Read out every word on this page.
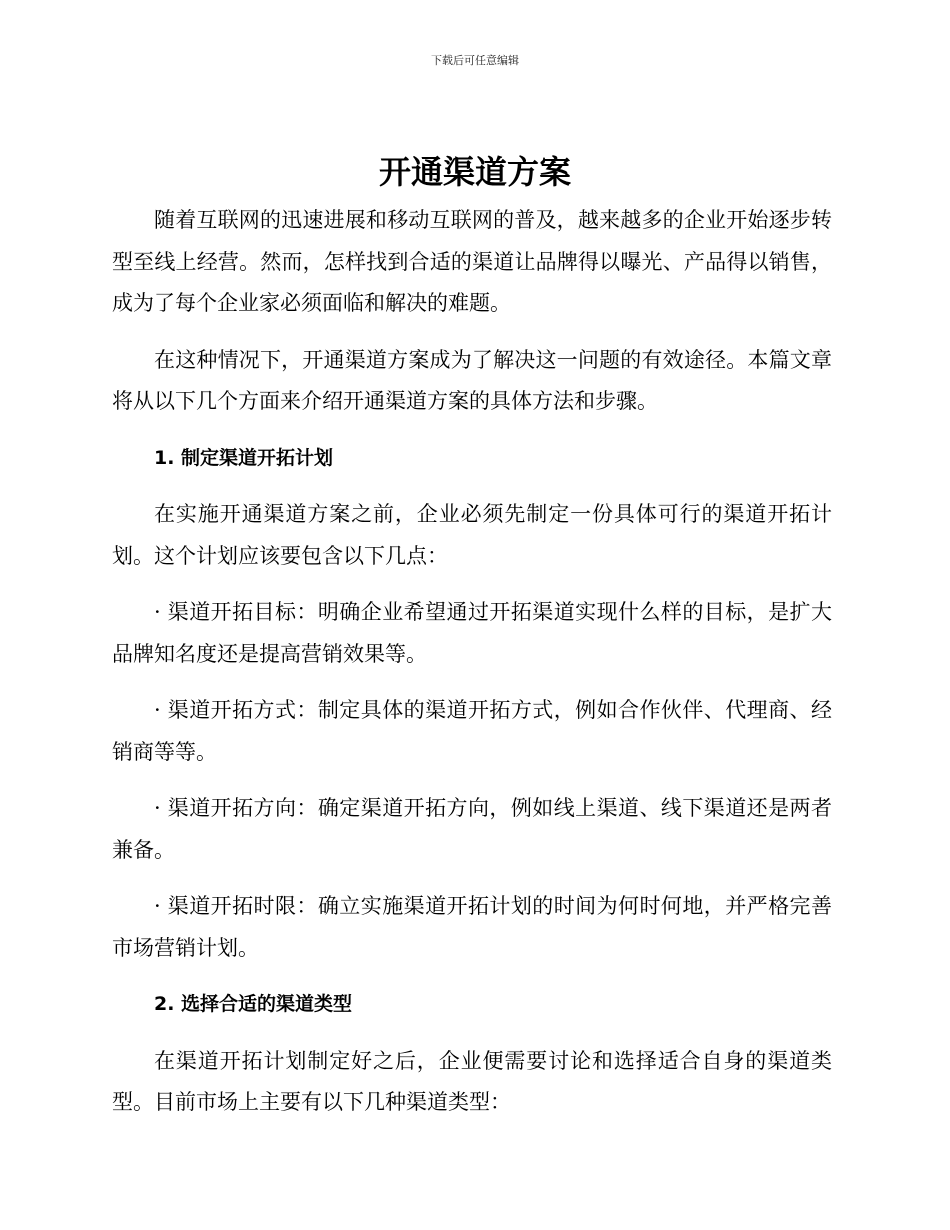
下载后可任意编辑
开通渠道方案

随着互联网的迅速进展和移动互联网的普及，越来越多的企业开始逐步转型至线上经营。然而，怎样找到合适的渠道让品牌得以曝光、产品得以销售，成为了每个企业家必须面临和解决的难题。

在这种情况下，开通渠道方案成为了解决这一问题的有效途径。本篇文章将从以下几个方面来介绍开通渠道方案的具体方法和步骤。

1. 制定渠道开拓计划

在实施开通渠道方案之前，企业必须先制定一份具体可行的渠道开拓计划。这个计划应该要包含以下几点：

· 渠道开拓目标：明确企业希望通过开拓渠道实现什么样的目标，是扩大品牌知名度还是提高营销效果等。

· 渠道开拓方式：制定具体的渠道开拓方式，例如合作伙伴、代理商、经销商等等。

· 渠道开拓方向：确定渠道开拓方向，例如线上渠道、线下渠道还是两者兼备。

· 渠道开拓时限：确立实施渠道开拓计划的时间为何时何地，并严格完善市场营销计划。

2. 选择合适的渠道类型

在渠道开拓计划制定好之后，企业便需要讨论和选择适合自身的渠道类型。目前市场上主要有以下几种渠道类型：
